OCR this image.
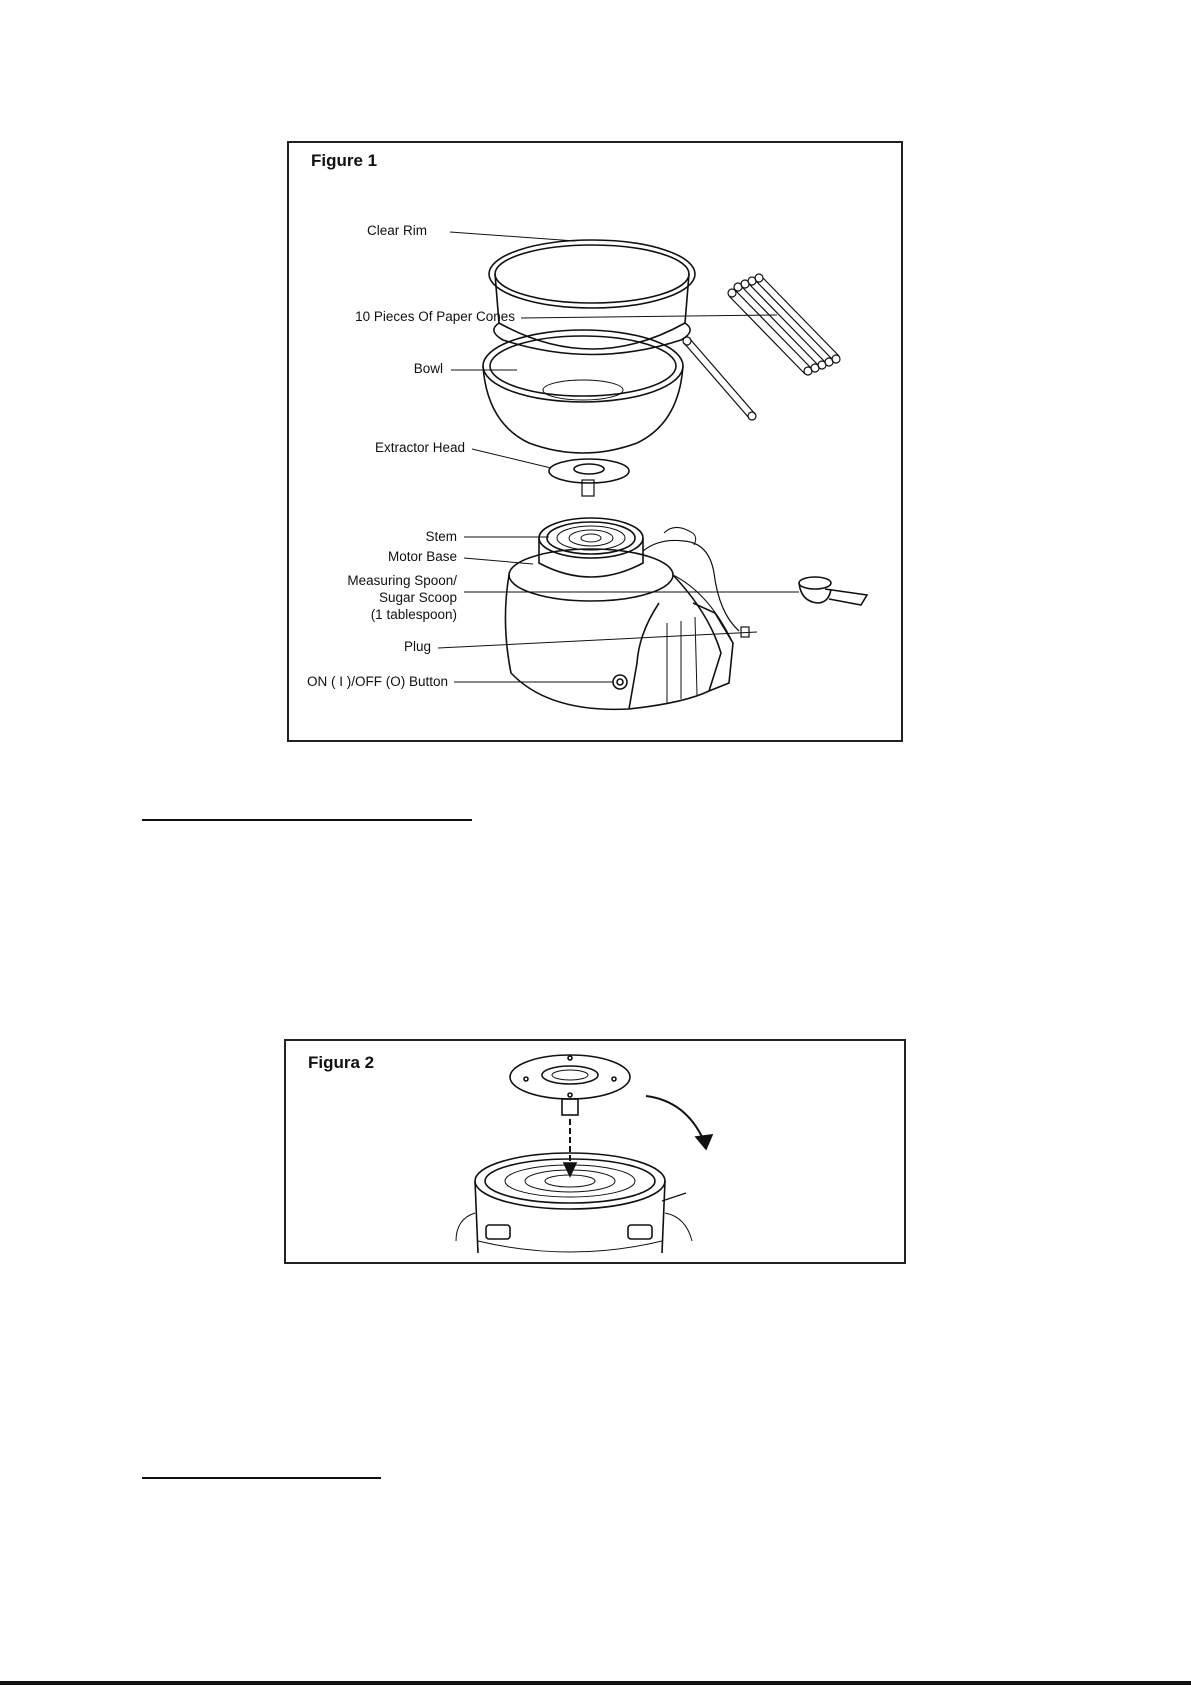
Figure 1
Clear Rim
10 Pieces Of Paper Cones
Bowl
Extractor Head
Stem
Motor Base
Measuring Spoon/
Sugar Scoop
(1 tablespoon)
Plug
ON ( I )/OFF (O) Button
Figura 2
